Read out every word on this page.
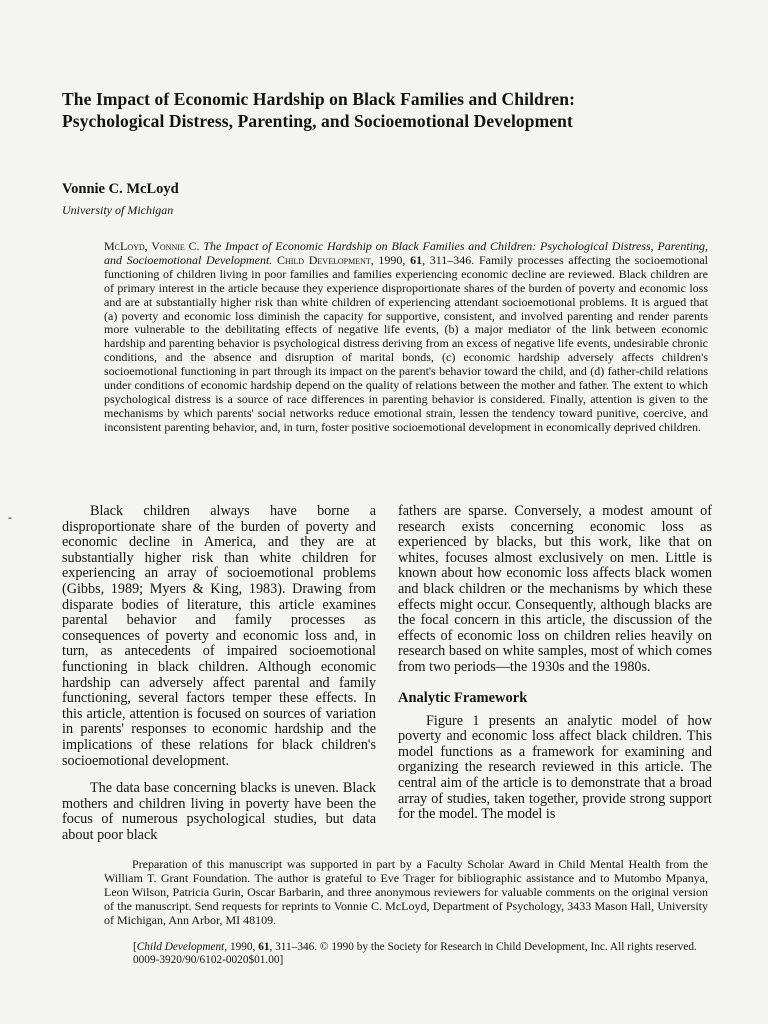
The Impact of Economic Hardship on Black Families and Children: Psychological Distress, Parenting, and Socioemotional Development
Vonnie C. McLoyd
University of Michigan
McLoyd, Vonnie C. The Impact of Economic Hardship on Black Families and Children: Psychological Distress, Parenting, and Socioemotional Development. Child Development, 1990, 61, 311–346. Family processes affecting the socioemotional functioning of children living in poor families and families experiencing economic decline are reviewed. Black children are of primary interest in the article because they experience disproportionate shares of the burden of poverty and economic loss and are at substantially higher risk than white children of experiencing attendant socioemotional problems. It is argued that (a) poverty and economic loss diminish the capacity for supportive, consistent, and involved parenting and render parents more vulnerable to the debilitating effects of negative life events, (b) a major mediator of the link between economic hardship and parenting behavior is psychological distress deriving from an excess of negative life events, undesirable chronic conditions, and the absence and disruption of marital bonds, (c) economic hardship adversely affects children's socioemotional functioning in part through its impact on the parent's behavior toward the child, and (d) father-child relations under conditions of economic hardship depend on the quality of relations between the mother and father. The extent to which psychological distress is a source of race differences in parenting behavior is considered. Finally, attention is given to the mechanisms by which parents' social networks reduce emotional strain, lessen the tendency toward punitive, coercive, and inconsistent parenting behavior, and, in turn, foster positive socioemotional development in economically deprived children.
-	Black children always have borne a disproportionate share of the burden of poverty and economic decline in America, and they are at substantially higher risk than white children for experiencing an array of socioemotional problems (Gibbs, 1989; Myers & King, 1983). Drawing from disparate bodies of literature, this article examines parental behavior and family processes as consequences of poverty and economic loss and, in turn, as antecedents of impaired socioemotional functioning in black children. Although economic hardship can adversely affect parental and family functioning, several factors temper these effects. In this article, attention is focused on sources of variation in parents' responses to economic hardship and the implications of these relations for black children's socioemotional development.

The data base concerning blacks is uneven. Black mothers and children living in poverty have been the focus of numerous psychological studies, but data about poor black

fathers are sparse. Conversely, a modest amount of research exists concerning economic loss as experienced by blacks, but this work, like that on whites, focuses almost exclusively on men. Little is known about how economic loss affects black women and black children or the mechanisms by which these effects might occur. Consequently, although blacks are the focal concern in this article, the discussion of the effects of economic loss on children relies heavily on research based on white samples, most of which comes from two periods—the 1930s and the 1980s.

Analytic Framework

Figure 1 presents an analytic model of how poverty and economic loss affect black children. This model functions as a framework for examining and organizing the research reviewed in this article. The central aim of the article is to demonstrate that a broad array of studies, taken together, provide strong support for the model. The model is

Preparation of this manuscript was supported in part by a Faculty Scholar Award in Child Mental Health from the William T. Grant Foundation. The author is grateful to Eve Trager for bibliographic assistance and to Mutombo Mpanya, Leon Wilson, Patricia Gurin, Oscar Barbarin, and three anonymous reviewers for valuable comments on the original version of the manuscript. Send requests for reprints to Vonnie C. McLoyd, Department of Psychology, 3433 Mason Hall, University of Michigan, Ann Arbor, MI 48109.

[Child Development, 1990, 61, 311–346. © 1990 by the Society for Research in Child Development, Inc. All rights reserved. 0009-3920/90/6102-0020$01.00]
